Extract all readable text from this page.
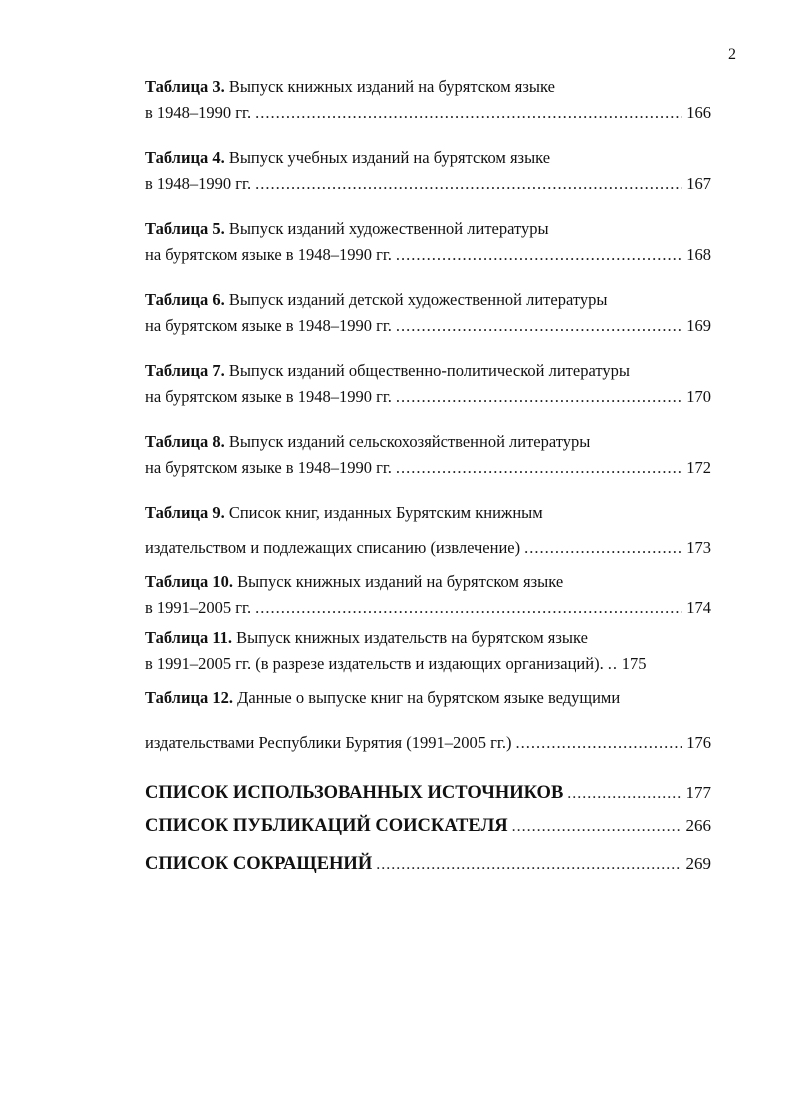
2
Таблица 3. Выпуск книжных изданий на бурятском языке
в 1948–1990 гг. .....	166
Таблица 4. Выпуск учебных изданий на бурятском языке
в 1948–1990 гг. .....	167
Таблица 5. Выпуск изданий художественной литературы
на бурятском языке в 1948–1990 гг. .....	168
Таблица 6. Выпуск изданий детской художественной литературы
на бурятском языке в 1948–1990 гг. .....	169
Таблица 7. Выпуск изданий общественно-политической литературы
на бурятском языке в 1948–1990 гг. .....	170
Таблица 8. Выпуск изданий сельскохозяйственной литературы
на бурятском языке в 1948–1990 гг. .....	172
Таблица 9. Список книг, изданных Бурятским книжным
издательством и подлежащих списанию (извлечение) .....	173
Таблица 10. Выпуск книжных изданий на бурятском языке
в 1991–2005 гг. .....	174
Таблица 11. Выпуск книжных издательств на бурятском языке
в 1991–2005 гг. (в разрезе издательств и издающих организаций). ..... 175
Таблица 12. Данные о выпуске книг на бурятском языке ведущими
издательствами Республики Бурятия (1991–2005 гг.) .....	176
СПИСОК ИСПОЛЬЗОВАННЫХ ИСТОЧНИКОВ .....	177
СПИСОК ПУБЛИКАЦИЙ СОИСКАТЕЛЯ .....	266
СПИСОК СОКРАЩЕНИЙ .....	269
